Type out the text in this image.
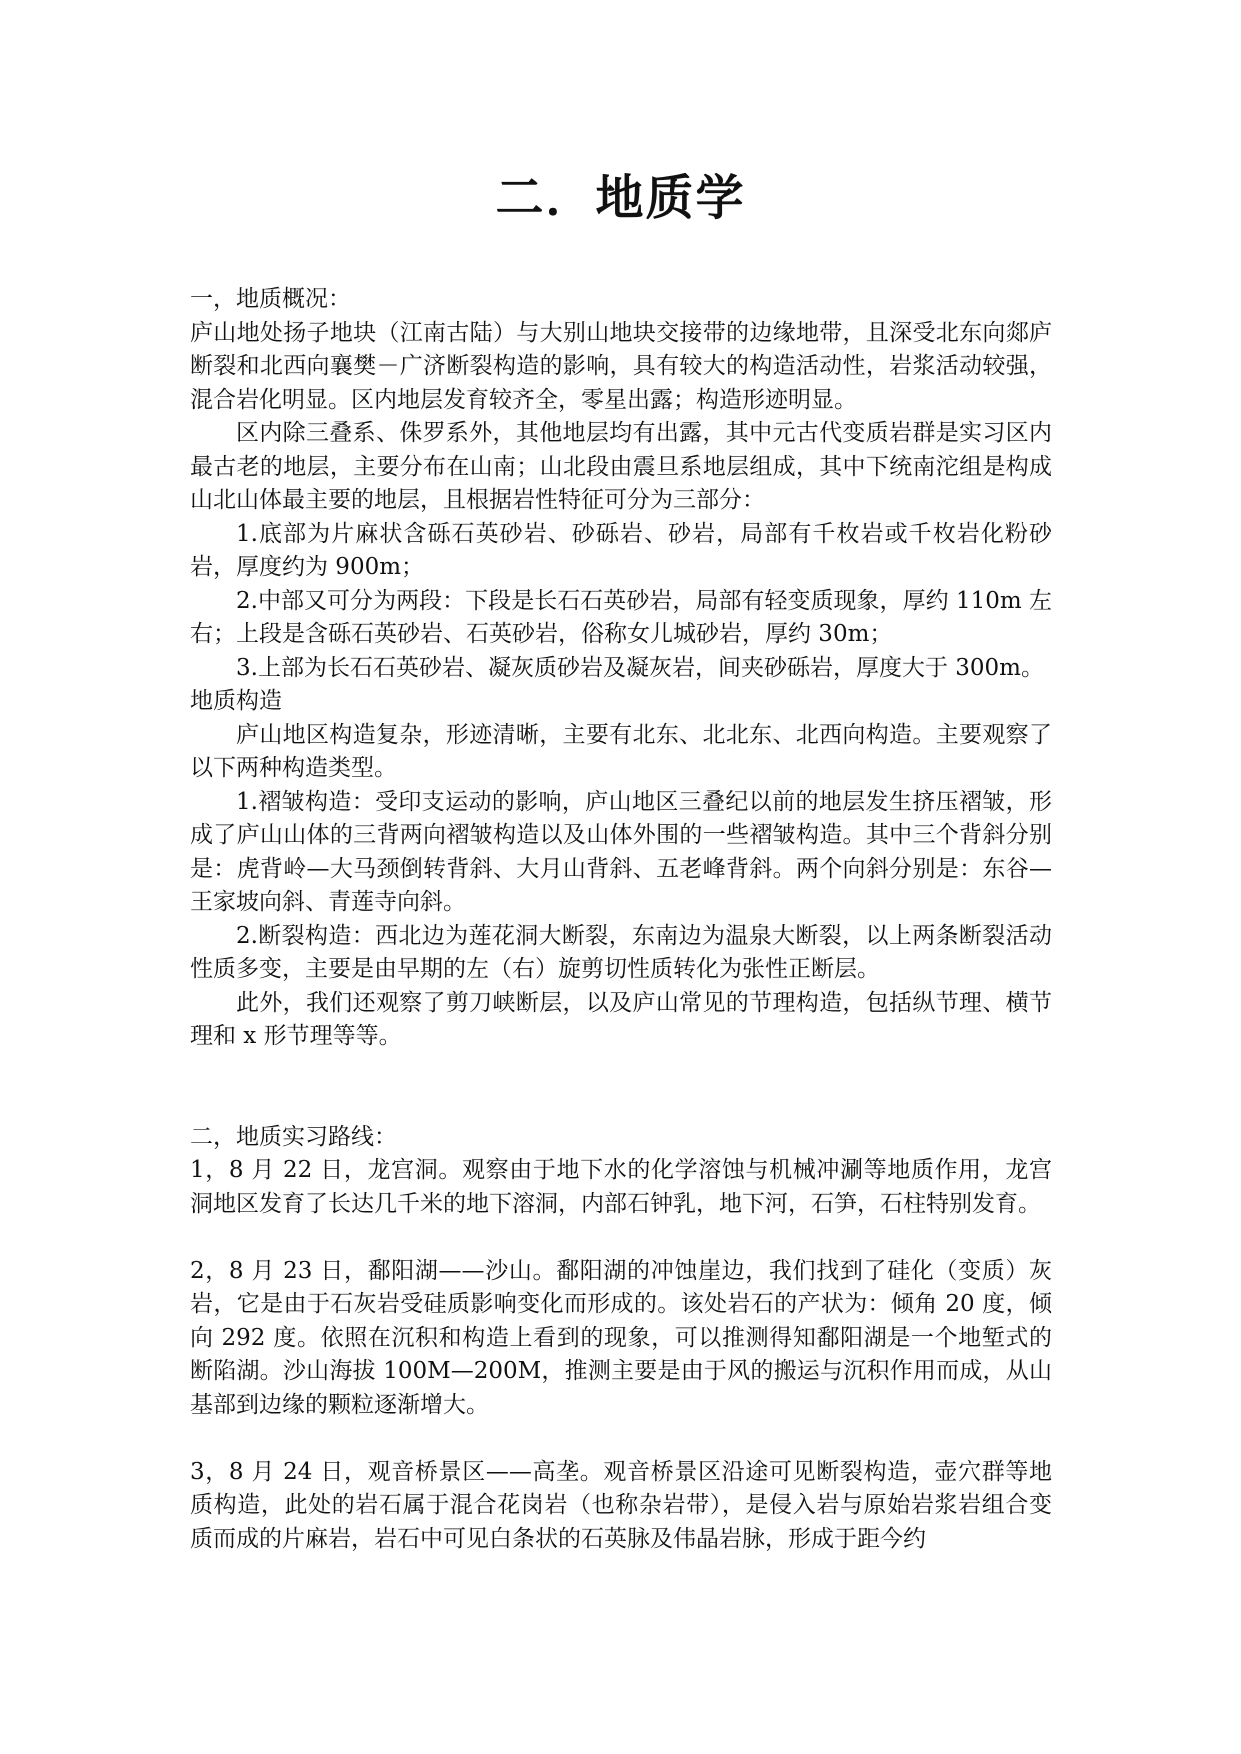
二．地质学

一，地质概况：

庐山地处扬子地块（江南古陆）与大别山地块交接带的边缘地带，且深受北东向郯庐断裂和北西向襄樊－广济断裂构造的影响，具有较大的构造活动性，岩浆活动较强，混合岩化明显。区内地层发育较齐全，零星出露；构造形迹明显。

区内除三叠系、侏罗系外，其他地层均有出露，其中元古代变质岩群是实习区内最古老的地层，主要分布在山南；山北段由震旦系地层组成，其中下统南沱组是构成山北山体最主要的地层，且根据岩性特征可分为三部分：

1.底部为片麻状含砾石英砂岩、砂砾岩、砂岩，局部有千枚岩或千枚岩化粉砂岩，厚度约为 900m；

2.中部又可分为两段：下段是长石石英砂岩，局部有轻变质现象，厚约 110m 左右；上段是含砾石英砂岩、石英砂岩，俗称女儿城砂岩，厚约 30m；

3.上部为长石石英砂岩、凝灰质砂岩及凝灰岩，间夹砂砾岩，厚度大于 300m。

地质构造

庐山地区构造复杂，形迹清晰，主要有北东、北北东、北西向构造。主要观察了以下两种构造类型。

1.褶皱构造：受印支运动的影响，庐山地区三叠纪以前的地层发生挤压褶皱，形成了庐山山体的三背两向褶皱构造以及山体外围的一些褶皱构造。其中三个背斜分别是：虎背岭—大马颈倒转背斜、大月山背斜、五老峰背斜。两个向斜分别是：东谷—王家坡向斜、青莲寺向斜。

2.断裂构造：西北边为莲花洞大断裂，东南边为温泉大断裂，以上两条断裂活动性质多变，主要是由早期的左（右）旋剪切性质转化为张性正断层。

此外，我们还观察了剪刀峡断层，以及庐山常见的节理构造，包括纵节理、横节理和 x 形节理等等。

二，地质实习路线：

1，8 月 22 日，龙宫洞。观察由于地下水的化学溶蚀与机械冲涮等地质作用，龙宫洞地区发育了长达几千米的地下溶洞，内部石钟乳，地下河，石笋，石柱特别发育。

2，8 月 23 日，鄱阳湖——沙山。鄱阳湖的冲蚀崖边，我们找到了硅化（变质）灰岩，它是由于石灰岩受硅质影响变化而形成的。该处岩石的产状为：倾角 20 度，倾向 292 度。依照在沉积和构造上看到的现象，可以推测得知鄱阳湖是一个地堑式的断陷湖。沙山海拔 100M—200M，推测主要是由于风的搬运与沉积作用而成，从山基部到边缘的颗粒逐渐增大。

3，8 月 24 日，观音桥景区——高垄。观音桥景区沿途可见断裂构造，壶穴群等地质构造，此处的岩石属于混合花岗岩（也称杂岩带），是侵入岩与原始岩浆岩组合变质而成的片麻岩，岩石中可见白条状的石英脉及伟晶岩脉，形成于距今约
